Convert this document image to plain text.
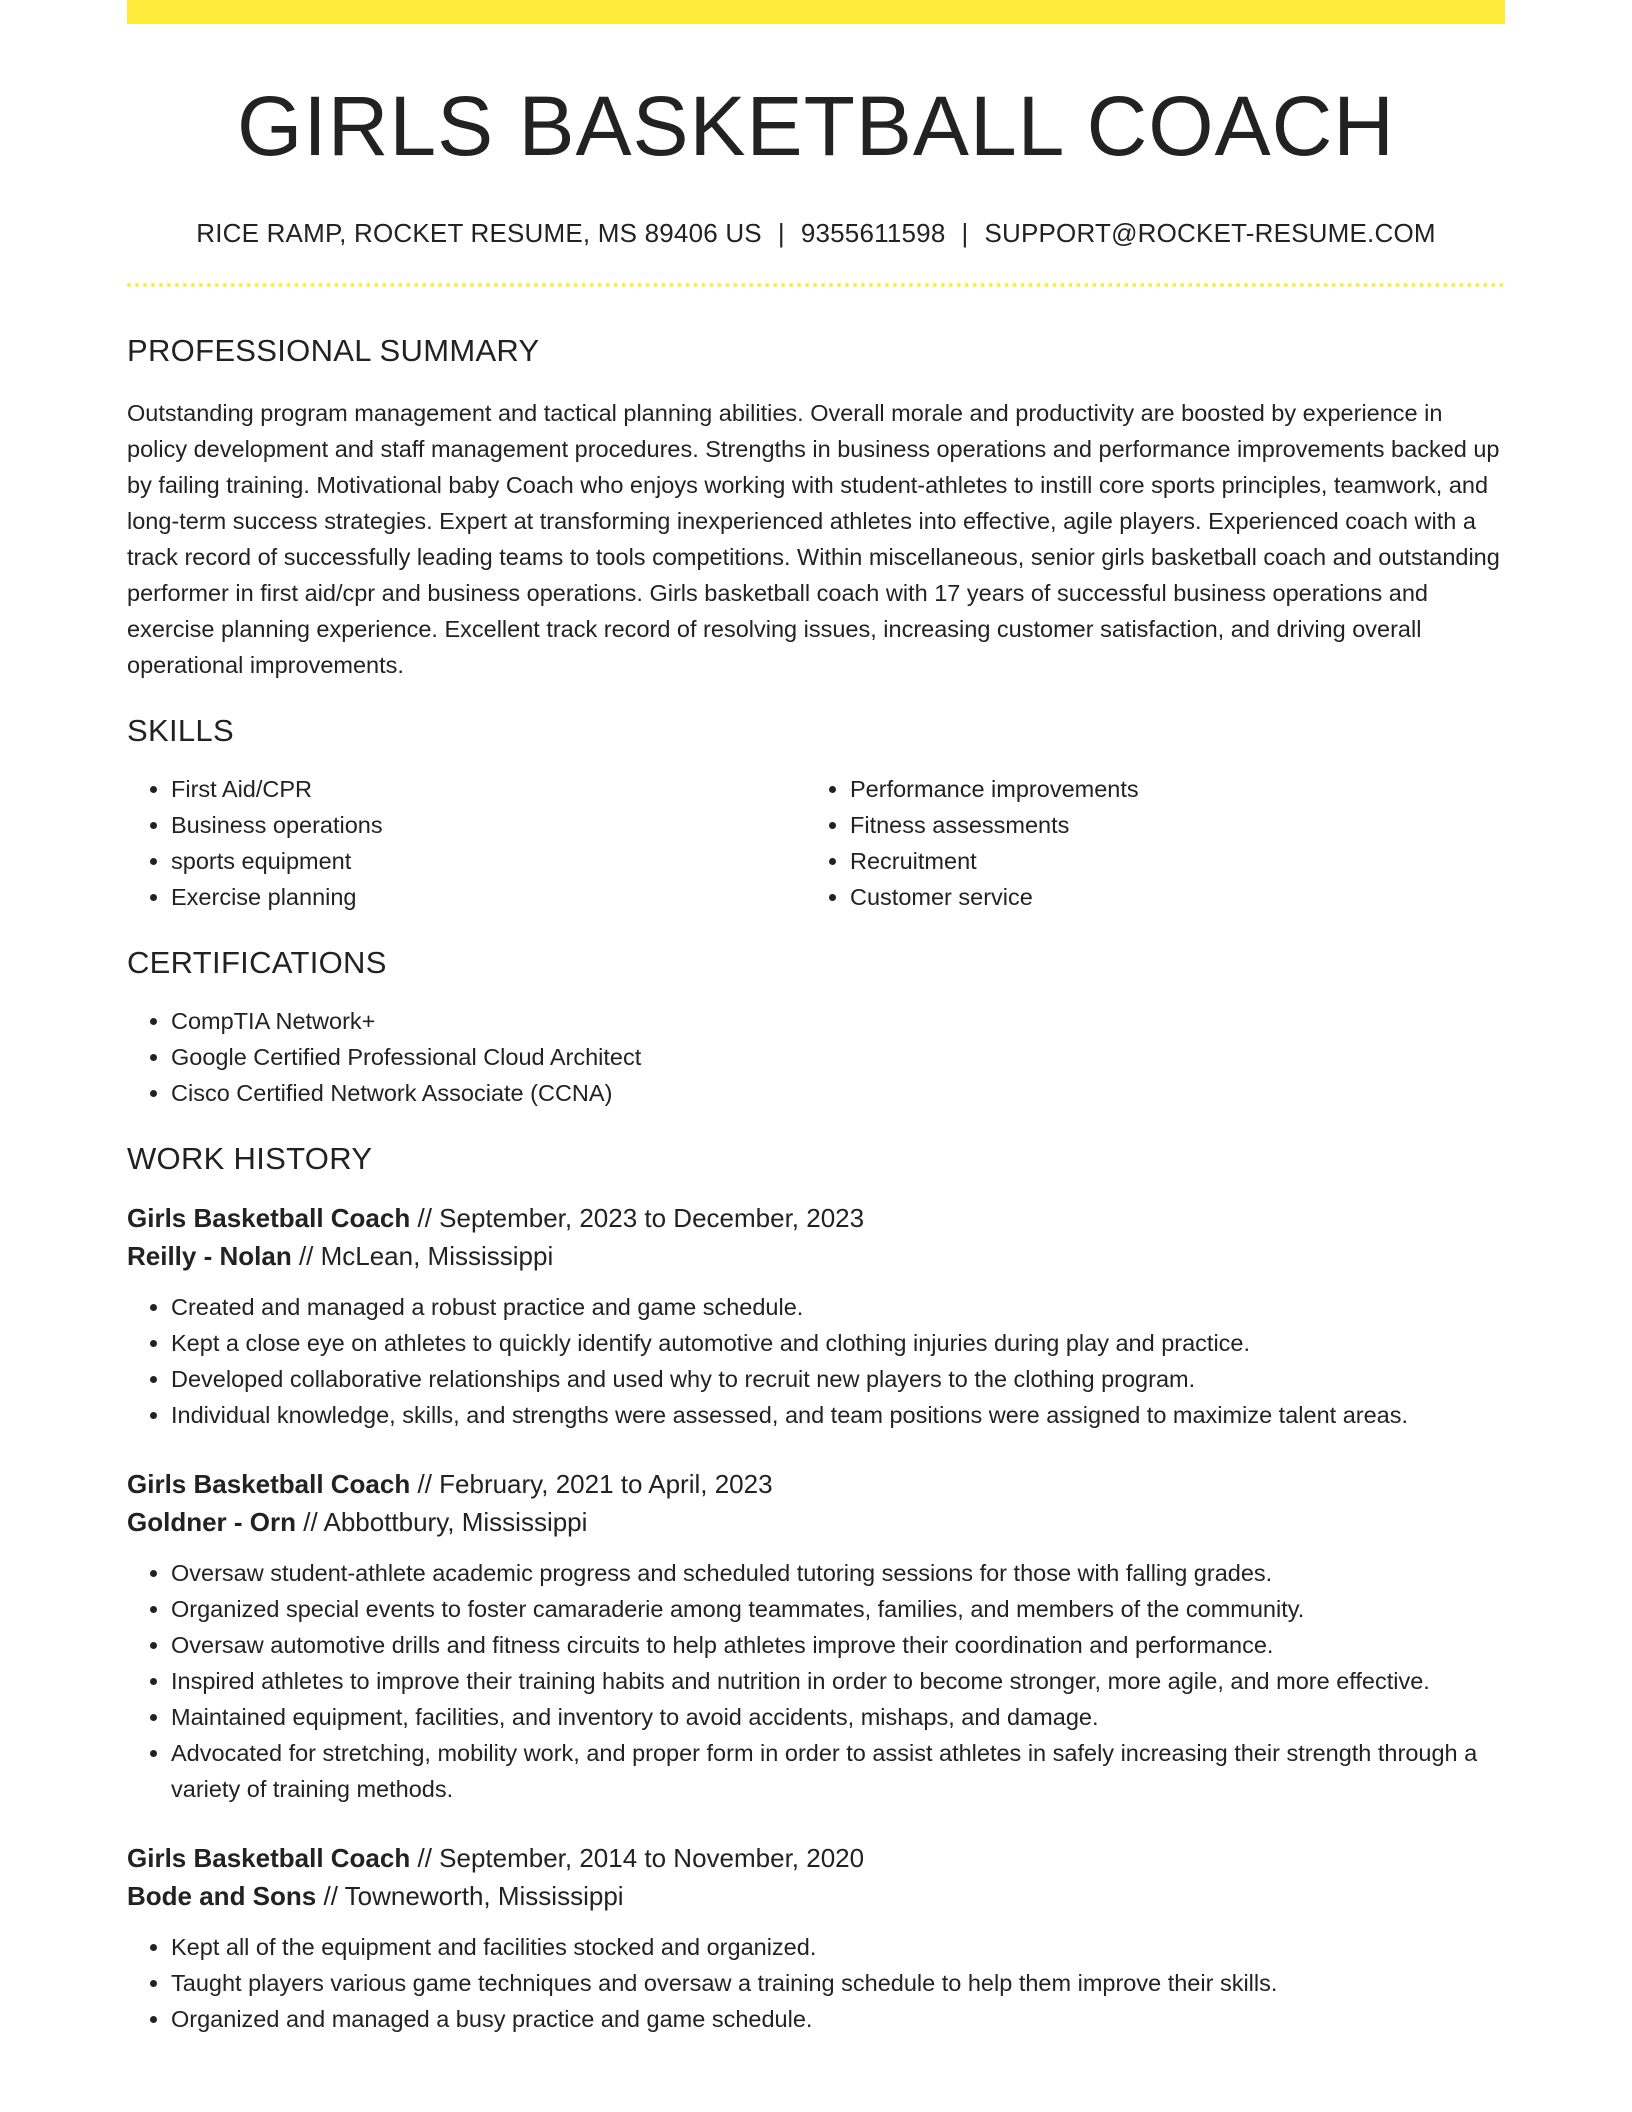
GIRLS BASKETBALL COACH
RICE RAMP, ROCKET RESUME, MS 89406 US | 9355611598 | SUPPORT@ROCKET-RESUME.COM
PROFESSIONAL SUMMARY
Outstanding program management and tactical planning abilities. Overall morale and productivity are boosted by experience in policy development and staff management procedures. Strengths in business operations and performance improvements backed up by failing training. Motivational baby Coach who enjoys working with student-athletes to instill core sports principles, teamwork, and long-term success strategies. Expert at transforming inexperienced athletes into effective, agile players. Experienced coach with a track record of successfully leading teams to tools competitions. Within miscellaneous, senior girls basketball coach and outstanding performer in first aid/cpr and business operations. Girls basketball coach with 17 years of successful business operations and exercise planning experience. Excellent track record of resolving issues, increasing customer satisfaction, and driving overall operational improvements.
SKILLS
• First Aid/CPR
• Business operations
• sports equipment
• Exercise planning
• Performance improvements
• Fitness assessments
• Recruitment
• Customer service
CERTIFICATIONS
• CompTIA Network+
• Google Certified Professional Cloud Architect
• Cisco Certified Network Associate (CCNA)
WORK HISTORY
Girls Basketball Coach // September, 2023 to December, 2023
Reilly - Nolan // McLean, Mississippi
• Created and managed a robust practice and game schedule.
• Kept a close eye on athletes to quickly identify automotive and clothing injuries during play and practice.
• Developed collaborative relationships and used why to recruit new players to the clothing program.
• Individual knowledge, skills, and strengths were assessed, and team positions were assigned to maximize talent areas.
Girls Basketball Coach // February, 2021 to April, 2023
Goldner - Orn // Abbottbury, Mississippi
• Oversaw student-athlete academic progress and scheduled tutoring sessions for those with falling grades.
• Organized special events to foster camaraderie among teammates, families, and members of the community.
• Oversaw automotive drills and fitness circuits to help athletes improve their coordination and performance.
• Inspired athletes to improve their training habits and nutrition in order to become stronger, more agile, and more effective.
• Maintained equipment, facilities, and inventory to avoid accidents, mishaps, and damage.
• Advocated for stretching, mobility work, and proper form in order to assist athletes in safely increasing their strength through a variety of training methods.
Girls Basketball Coach // September, 2014 to November, 2020
Bode and Sons // Towneworth, Mississippi
• Kept all of the equipment and facilities stocked and organized.
• Taught players various game techniques and oversaw a training schedule to help them improve their skills.
• Organized and managed a busy practice and game schedule.
